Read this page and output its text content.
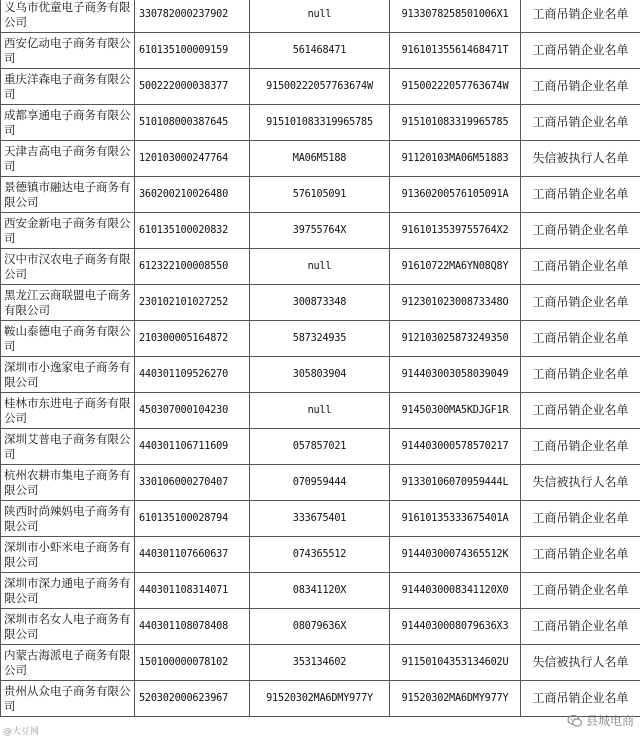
义乌市优童电子商务有限公司	330782000237902	null	9133078258501006X1	工商吊销企业名单
西安亿动电子商务有限公司	610135100009159	561468471	91610135561468471T	工商吊销企业名单
重庆洋森电子商务有限公司	500222000038377	91500222057763674W	91500222057763674W	工商吊销企业名单
成都享通电子商务有限公司	510108000387645	915101083319965785	915101083319965785	工商吊销企业名单
天津吉高电子商务有限公司	120103000247764	MA06M5188	91120103MA06M51883	失信被执行人名单
景德镇市融达电子商务有限公司	360200210026480	576105091	91360200576105091A	工商吊销企业名单
西安金新电子商务有限公司	610135100020832	39755764X	9161013539755764X2	工商吊销企业名单
汉中市汉农电子商务有限公司	612322100008550	null	91610722MA6YN08Q8Y	工商吊销企业名单
黑龙江云商联盟电子商务有限公司	230102101027252	300873348	91230102300873348O	工商吊销企业名单
鞍山泰德电子商务有限公司	210300005164872	587324935	912103025873249350	工商吊销企业名单
深圳市小逸家电子商务有限公司	440301109526270	305803904	914403003058039049	工商吊销企业名单
桂林市东进电子商务有限公司	450307000104230	null	91450300MA5KDJGF1R	工商吊销企业名单
深圳艾普电子商务有限公司	440301106711609	057857021	914403000578570217	工商吊销企业名单
杭州农耕市集电子商务有限公司	330106000270407	070959444	91330106070959444L	失信被执行人名单
陕西时尚辣妈电子商务有限公司	610135100028794	333675401	91610135333675401A	工商吊销企业名单
深圳市小虾米电子商务有限公司	440301107660637	074365512	91440300074365512K	工商吊销企业名单
深圳市深力通电子商务有限公司	440301108314071	08341120X	9144030008341120X0	工商吊销企业名单
深圳市名女人电子商务有限公司	440301108078408	08079636X	9144030008079636X3	工商吊销企业名单
内蒙古海派电子商务有限公司	150100000078102	353134602	91150104353134602U	失信被执行人名单
贵州从众电子商务有限公司	520302000623967	91520302MA6DMY977Y	91520302MA6DMY977Y	工商吊销企业名单
@大豆网
县城电商
